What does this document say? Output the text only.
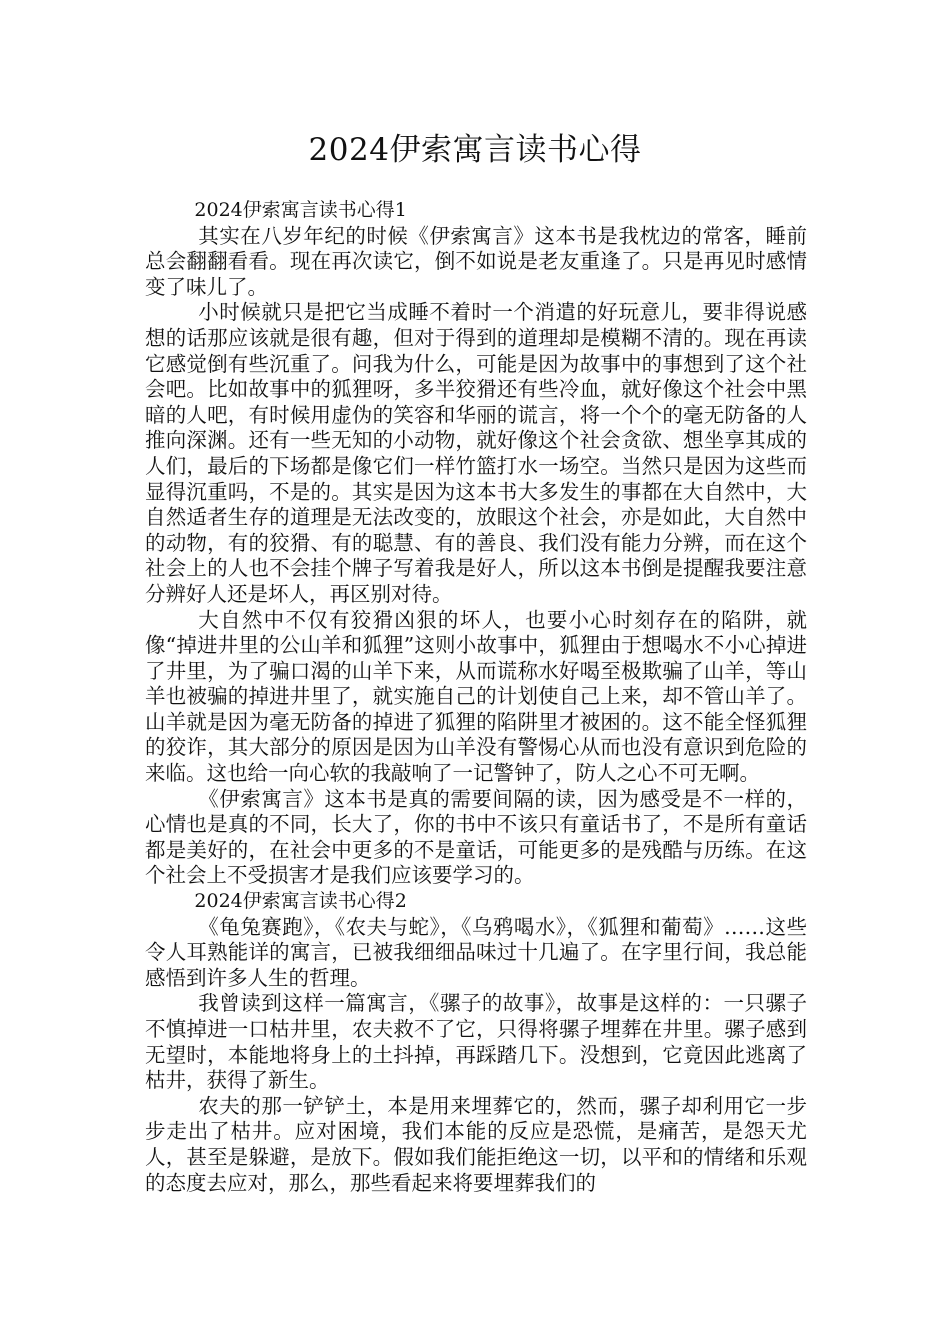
2024伊索寓言读书心得

2024伊索寓言读书心得1

其实在八岁年纪的时候《伊索寓言》这本书是我枕边的常客，睡前总会翻翻看看。现在再次读它，倒不如说是老友重逢了。只是再见时感情变了味儿了。

小时候就只是把它当成睡不着时一个消遣的好玩意儿，要非得说感想的话那应该就是很有趣，但对于得到的道理却是模糊不清的。现在再读它感觉倒有些沉重了。问我为什么，可能是因为故事中的事想到了这个社会吧。比如故事中的狐狸呀，多半狡猾还有些冷血，就好像这个社会中黑暗的人吧，有时候用虚伪的笑容和华丽的谎言，将一个个的毫无防备的人推向深渊。还有一些无知的小动物，就好像这个社会贪欲、想坐享其成的人们，最后的下场都是像它们一样竹篮打水一场空。当然只是因为这些而显得沉重吗，不是的。其实是因为这本书大多发生的事都在大自然中，大自然适者生存的道理是无法改变的，放眼这个社会，亦是如此，大自然中的动物，有的狡猾、有的聪慧、有的善良、我们没有能力分辨，而在这个社会上的人也不会挂个牌子写着我是好人，所以这本书倒是提醒我要注意分辨好人还是坏人，再区别对待。

大自然中不仅有狡猾凶狠的坏人，也要小心时刻存在的陷阱，就像“掉进井里的公山羊和狐狸”这则小故事中，狐狸由于想喝水不小心掉进了井里，为了骗口渴的山羊下来，从而谎称水好喝至极欺骗了山羊，等山羊也被骗的掉进井里了，就实施自己的计划使自己上来，却不管山羊了。山羊就是因为毫无防备的掉进了狐狸的陷阱里才被困的。这不能全怪狐狸的狡诈，其大部分的原因是因为山羊没有警惕心从而也没有意识到危险的来临。这也给一向心软的我敲响了一记警钟了，防人之心不可无啊。

《伊索寓言》这本书是真的需要间隔的读，因为感受是不一样的，心情也是真的不同，长大了，你的书中不该只有童话书了，不是所有童话都是美好的，在社会中更多的不是童话，可能更多的是残酷与历练。在这个社会上不受损害才是我们应该要学习的。

2024伊索寓言读书心得2

《龟兔赛跑》，《农夫与蛇》，《乌鸦喝水》，《狐狸和葡萄》……这些令人耳熟能详的寓言，已被我细细品味过十几遍了。在字里行间，我总能感悟到许多人生的哲理。

我曾读到这样一篇寓言，《骡子的故事》，故事是这样的：一只骡子不慎掉进一口枯井里，农夫救不了它，只得将骡子埋葬在井里。骡子感到无望时，本能地将身上的土抖掉，再踩踏几下。没想到，它竟因此逃离了枯井，获得了新生。

农夫的那一铲铲土，本是用来埋葬它的，然而，骡子却利用它一步步走出了枯井。应对困境，我们本能的反应是恐慌，是痛苦，是怨天尤人，甚至是躲避，是放下。假如我们能拒绝这一切，以平和的情绪和乐观的态度去应对，那么，那些看起来将要埋葬我们的
